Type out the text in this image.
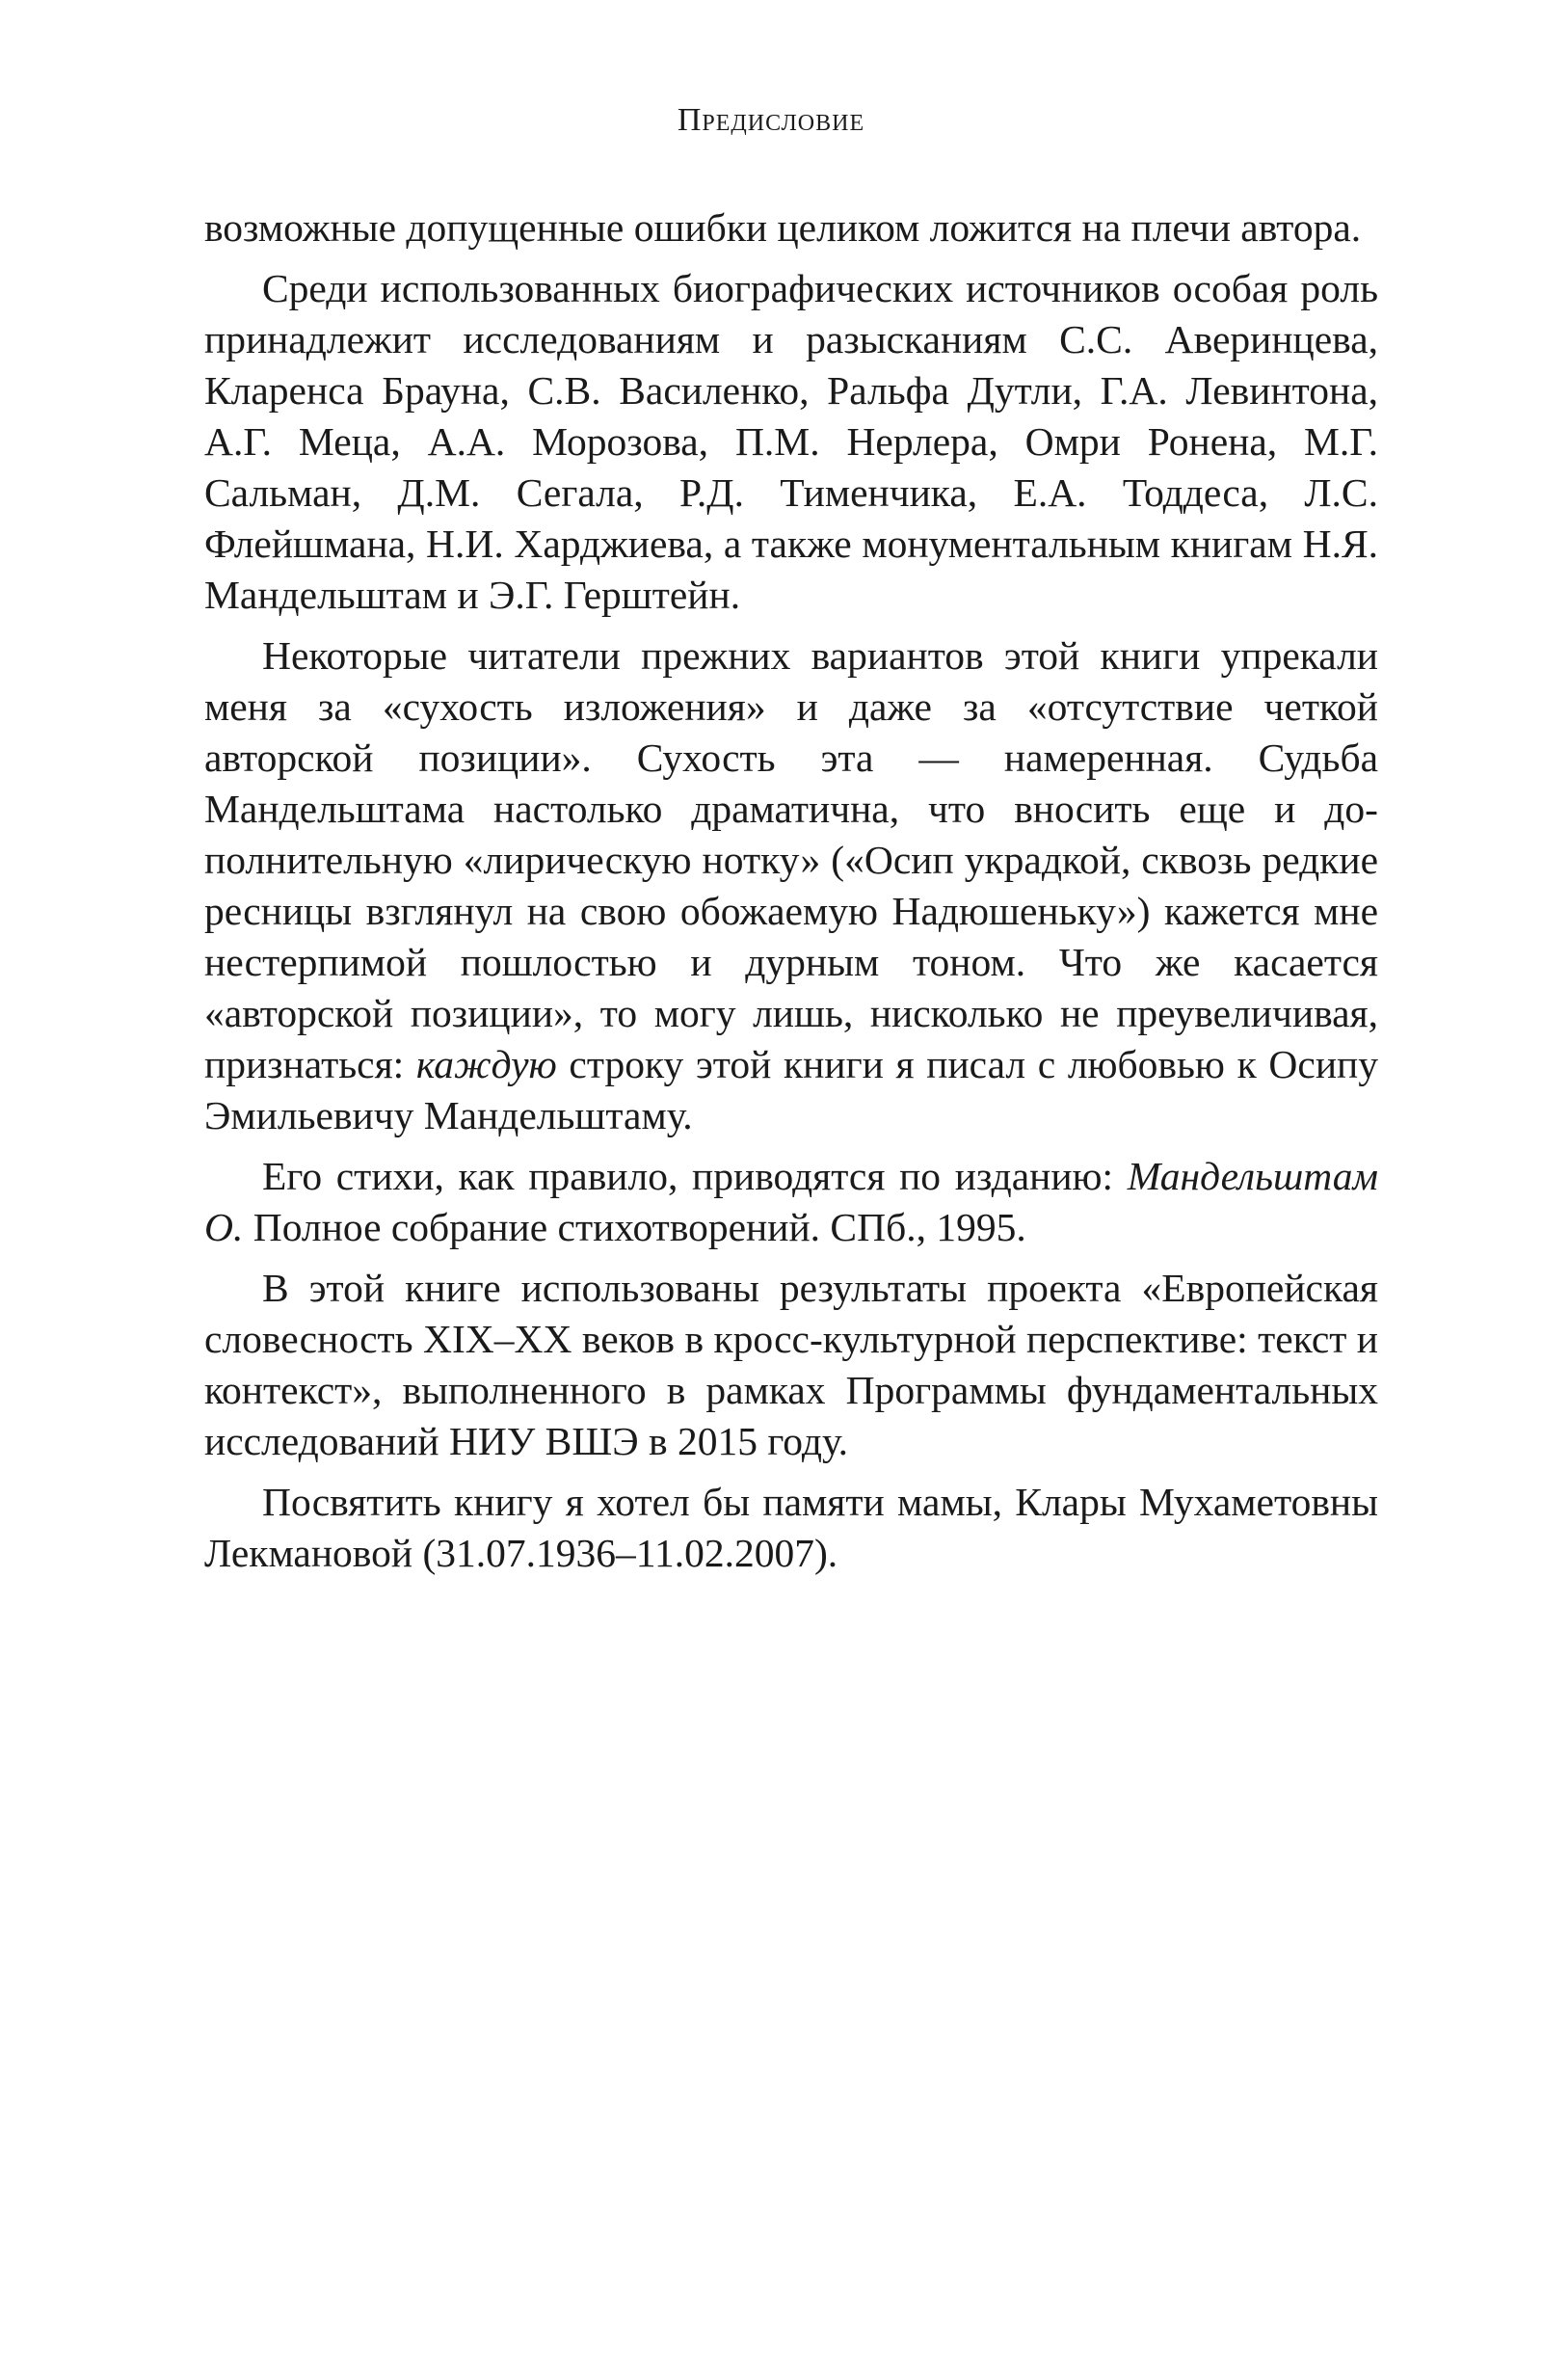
Предисловие

возможные допущенные ошибки целиком ложится на плечи автора.

Среди использованных биографических источников особая роль принадлежит исследованиям и разысканиям С.С. Аверинцева, Кларенса Брауна, С.В. Василенко, Ральфа Дутли, Г.А. Левинтона, А.Г. Меца, А.А. Морозова, П.М. Нерлера, Омри Ронена, М.Г. Сальман, Д.М. Сегала, Р.Д. Тименчика, Е.А. Тоддеса, Л.С. Флейшмана, Н.И. Харджиева, а также монументальным книгам Н.Я. Мандельштам и Э.Г. Герштейн.

Некоторые читатели прежних вариантов этой книги упрекали меня за «сухость изложения» и даже за «отсутствие четкой авторской позиции». Сухость эта — намеренная. Судьба Мандельштама настолько драматична, что вносить еще и дополнительную «лирическую нотку» («Осип украдкой, сквозь редкие ресницы взглянул на свою обожаемую Надюшеньку») кажется мне нестерпимой пошлостью и дурным тоном. Что же касается «авторской позиции», то могу лишь, нисколько не преувеличивая, признаться: каждую строку этой книги я писал с любовью к Осипу Эмильевичу Мандельштаму.

Его стихи, как правило, приводятся по изданию: Мандельштам О. Полное собрание стихотворений. СПб., 1995.

В этой книге использованы результаты проекта «Европейская словесность XIX–XX веков в кросс-культурной перспективе: текст и контекст», выполненного в рамках Программы фундаментальных исследований НИУ ВШЭ в 2015 году.

Посвятить книгу я хотел бы памяти мамы, Клары Мухаметовны Лекмановой (31.07.1936–11.02.2007).
